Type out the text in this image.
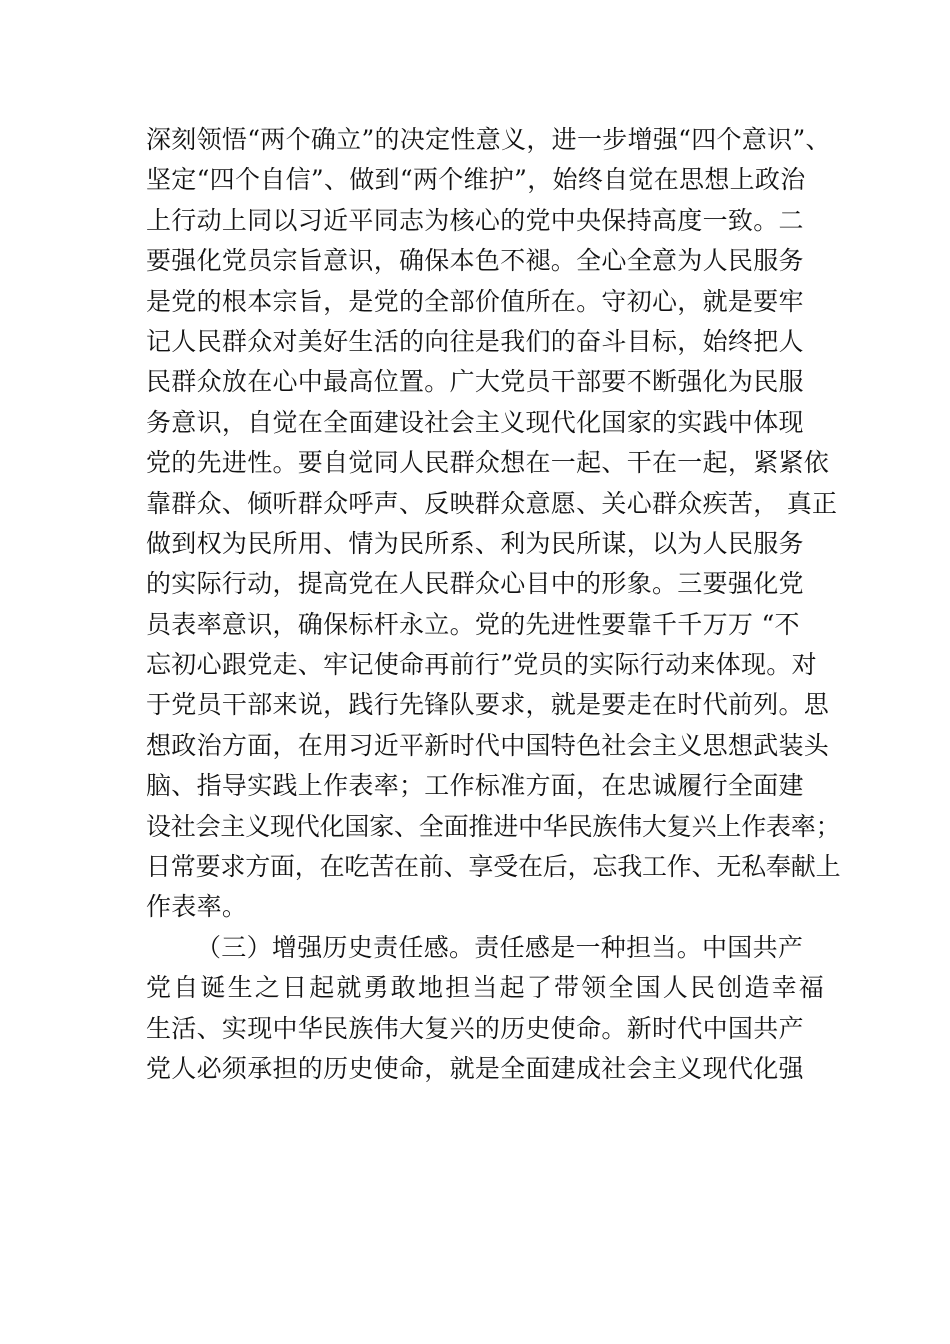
深刻领悟“两个确立”的决定性意义，进一步增强“四个意识”、
坚定“四个自信”、做到“两个维护”，始终自觉在思想上政治
上行动上同以习近平同志为核心的党中央保持高度一致。二
要强化党员宗旨意识，确保本色不褪。全心全意为人民服务
是党的根本宗旨，是党的全部价值所在。守初心，就是要牢
记人民群众对美好生活的向往是我们的奋斗目标，始终把人
民群众放在心中最高位置。广大党员干部要不断强化为民服
务意识，自觉在全面建设社会主义现代化国家的实践中体现
党的先进性。要自觉同人民群众想在一起、干在一起，紧紧依
靠群众、倾听群众呼声、反映群众意愿、关心群众疾苦， 真正
做到权为民所用、情为民所系、利为民所谋，以为人民服务
的实际行动，提高党在人民群众心目中的形象。三要强化党
员表率意识，确保标杆永立。党的先进性要靠千千万万 “不
忘初心跟党走、牢记使命再前行”党员的实际行动来体现。对
于党员干部来说，践行先锋队要求，就是要走在时代前列。思
想政治方面，在用习近平新时代中国特色社会主义思想武装头
脑、指导实践上作表率；工作标准方面，在忠诚履行全面建
设社会主义现代化国家、全面推进中华民族伟大复兴上作表率；
日常要求方面，在吃苦在前、享受在后，忘我工作、无私奉献上
作表率。
（三）增强历史责任感。责任感是一种担当。中国共产
党自诞生之日起就勇敢地担当起了带领全国人民创造幸福
生活、实现中华民族伟大复兴的历史使命。新时代中国共产
党人必须承担的历史使命，就是全面建成社会主义现代化强
